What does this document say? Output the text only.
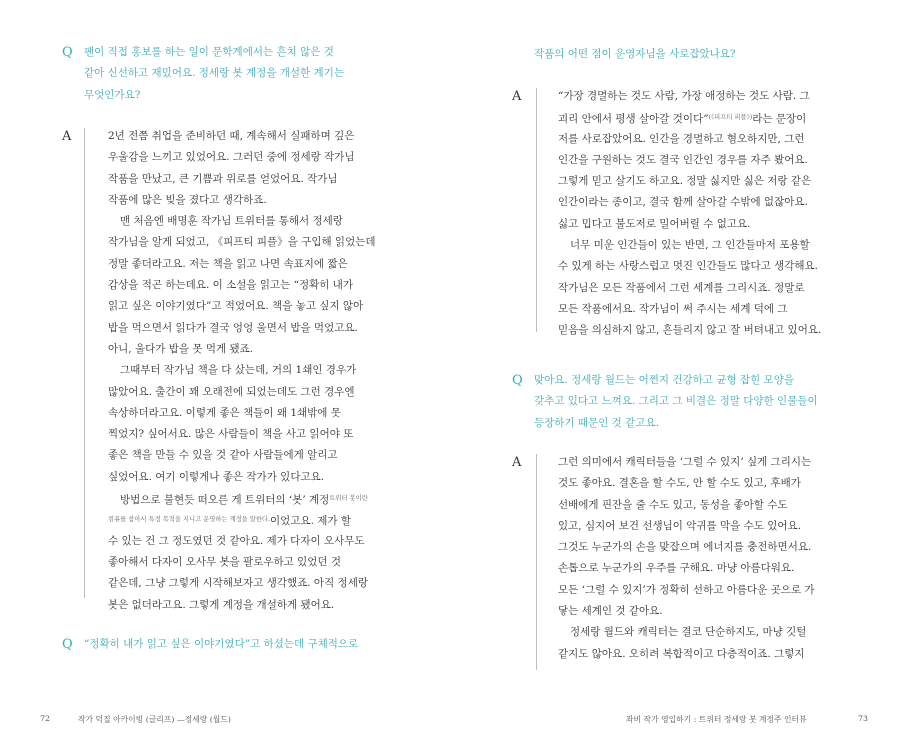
Q 팬이 직접 홍보를 하는 일이 문학계에서는 흔치 않은 것
같아 신선하고 재밌어요. 정세랑 봇 계정을 개설한 계기는
무엇인가요?
A	2년 전쯤 취업을 준비하던 때, 계속해서 실패하며 깊은
우울감을 느끼고 있었어요. 그러던 중에 정세랑 작가님
작품을 만났고, 큰 기쁨과 위로를 얻었어요. 작가님
작품에 많은 빚을 졌다고 생각하죠.
맨 처음엔 배명훈 작가님 트위터를 통해서 정세랑
작가님을 알게 되었고, 《피프티 피플》을 구입해 읽었는데
정말 좋더라고요. 저는 책을 읽고 나면 속표지에 짧은
감상을 적곤 하는데요. 이 소설을 읽고는 “정확히 내가
읽고 싶은 이야기였다”고 적었어요. 책을 놓고 싶지 않아
밥을 먹으면서 읽다가 결국 엉엉 울면서 밥을 먹었고요.
아니, 울다가 밥을 못 먹게 됐죠.
그때부터 작가님 책을 다 샀는데, 거의 1쇄인 경우가
많았어요. 출간이 꽤 오래전에 되었는데도 그런 경우엔
속상하더라고요. 이렇게 좋은 책들이 왜 1쇄밖에 못
찍었지? 싶어서요. 많은 사람들이 책을 사고 읽어야 또
좋은 책을 만들 수 있을 것 같아 사람들에게 알리고
싶었어요. 여기 이렇게나 좋은 작가가 있다고요.
방법으로 불현듯 떠오른 게 트위터의 ‘봇’ 계정$^{트위터 봇이란}$
$^{컴퓨를 참아서 특정 목적을 지니고 운영하는 계정을 말한다.}$이었고요. 제가 할
수 있는 건 그 정도였던 것 같아요. 제가 다자이 오사무도
좋아해서 다자이 오사무 봇을 팔로우하고 있었던 것
같은데, 그냥 그렇게 시작해보자고 생각했죠. 아직 정세랑
봇은 없더라고요. 그렇게 계정을 개설하게 됐어요.
Q “정확히 내가 읽고 싶은 이야기였다”고 하셨는데 구체적으로
72	작가 덕질 아카이빙 (글리프) —정세랑 (월드)
작품의 어떤 점이 운영자님을 사로잡았나요?
A	“가장 경멸하는 것도 사람, 가장 애정하는 것도 사람. 그
괴리 안에서 평생 살아갈 것이다”$^{(《피프티 피플》)}$라는 문장이
저를 사로잡았어요. 인간을 경멸하고 혐오하지만, 그런
인간을 구원하는 것도 결국 인간인 경우를 자주 봤어요.
그렇게 믿고 살기도 하고요. 정말 싫지만 싫은 저랑 같은
인간이라는 종이고, 결국 함께 살아갈 수밖에 없잖아요.
싫고 밉다고 불도저로 밀어버릴 수 없고요.
너무 미운 인간들이 있는 반면, 그 인간들마저 포용할
수 있게 하는 사랑스럽고 멋진 인간들도 많다고 생각해요.
작가님은 모든 작품에서 그런 세계를 그리시죠. 정말로
모든 작품에서요. 작가님이 써 주시는 세계 덕에 그
믿음을 의심하지 않고, 흔들리지 않고 잘 버텨내고 있어요.
Q 맞아요. 정세랑 월드는 어쩐지 건강하고 균형 잡힌 모양을
갖추고 있다고 느껴요. 그리고 그 비결은 정말 다양한 인물들이
등장하기 때문인 것 같고요.
A	그런 의미에서 캐릭터들을 ‘그럴 수 있지’ 싶게 그리시는
것도 좋아요. 결혼을 할 수도, 안 할 수도 있고, 후배가
선배에게 핀잔을 줄 수도 있고, 동성을 좋아할 수도
있고, 심지어 보건 선생님이 악귀를 막을 수도 있어요.
그것도 누군가의 손을 맞잡으며 에너지를 충전하면서요.
손톱으로 누군가의 우주를 구해요. 마냥 아름다워요.
모든 ‘그럴 수 있지’가 정확히 선하고 아름다운 곳으로 가
닿는 세계인 것 같아요.
정세랑 월드와 캐릭터는 결코 단순하지도, 마냥 깃털
같지도 않아요. 오히려 복합적이고 다층적이죠. 그렇지
좌비 작가 영입하기 : 트위터 정세랑 봇 계정주 인터뷰	73
